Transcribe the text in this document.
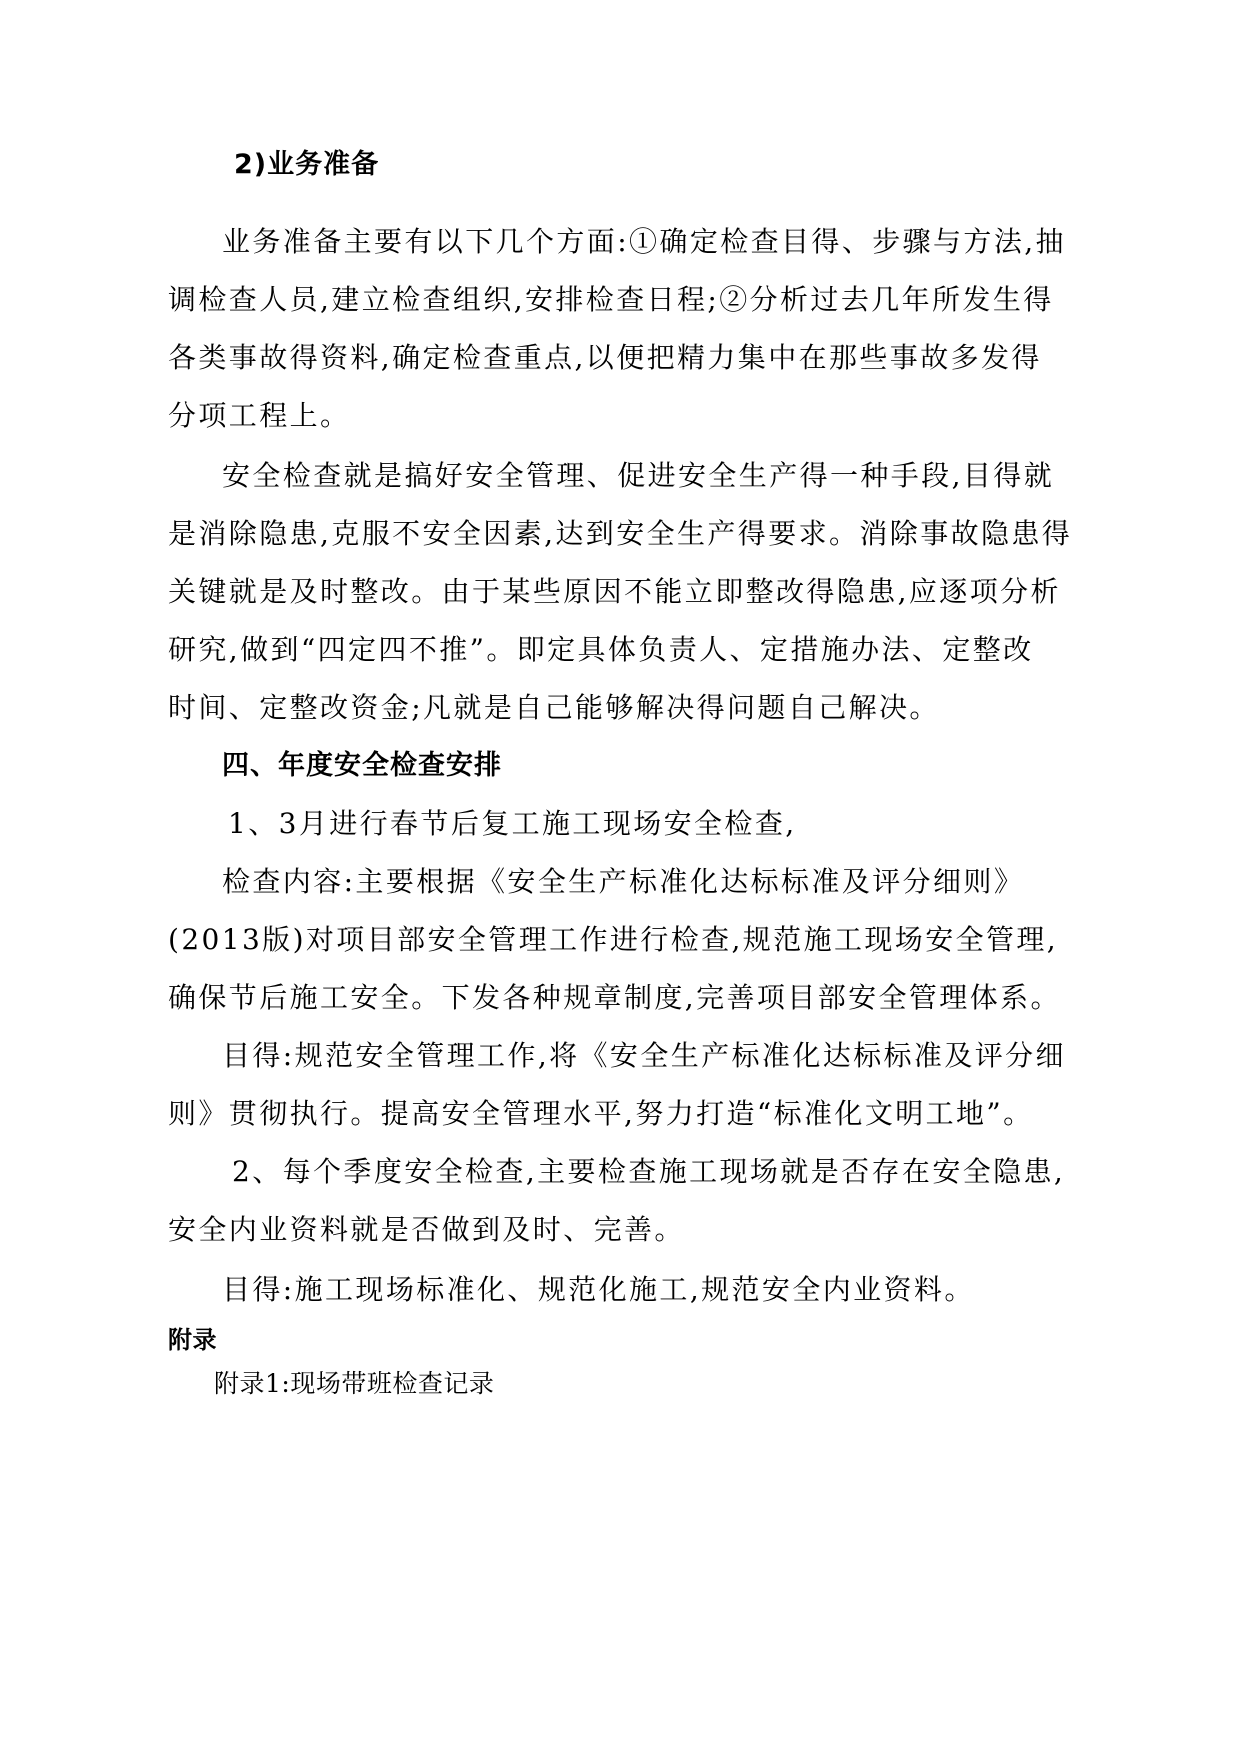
2)业务准备
业务准备主要有以下几个方面:①确定检查目得、步骤与方法,抽
调检查人员,建立检查组织,安排检查日程;②分析过去几年所发生得
各类事故得资料,确定检查重点,以便把精力集中在那些事故多发得
分项工程上。
安全检查就是搞好安全管理、促进安全生产得一种手段,目得就
是消除隐患,克服不安全因素,达到安全生产得要求。消除事故隐患得
关键就是及时整改。由于某些原因不能立即整改得隐患,应逐项分析
研究,做到“四定四不推”。即定具体负责人、定措施办法、定整改
时间、定整改资金;凡就是自己能够解决得问题自己解决。
四、年度安全检查安排
1、3月进行春节后复工施工现场安全检查,
检查内容:主要根据《安全生产标准化达标标准及评分细则》
(2013版)对项目部安全管理工作进行检查,规范施工现场安全管理,
确保节后施工安全。下发各种规章制度,完善项目部安全管理体系。
目得:规范安全管理工作,将《安全生产标准化达标标准及评分细
则》贯彻执行。提高安全管理水平,努力打造“标准化文明工地”。
2、每个季度安全检查,主要检查施工现场就是否存在安全隐患,
安全内业资料就是否做到及时、完善。
目得:施工现场标准化、规范化施工,规范安全内业资料。
附录
附录1:现场带班检查记录
